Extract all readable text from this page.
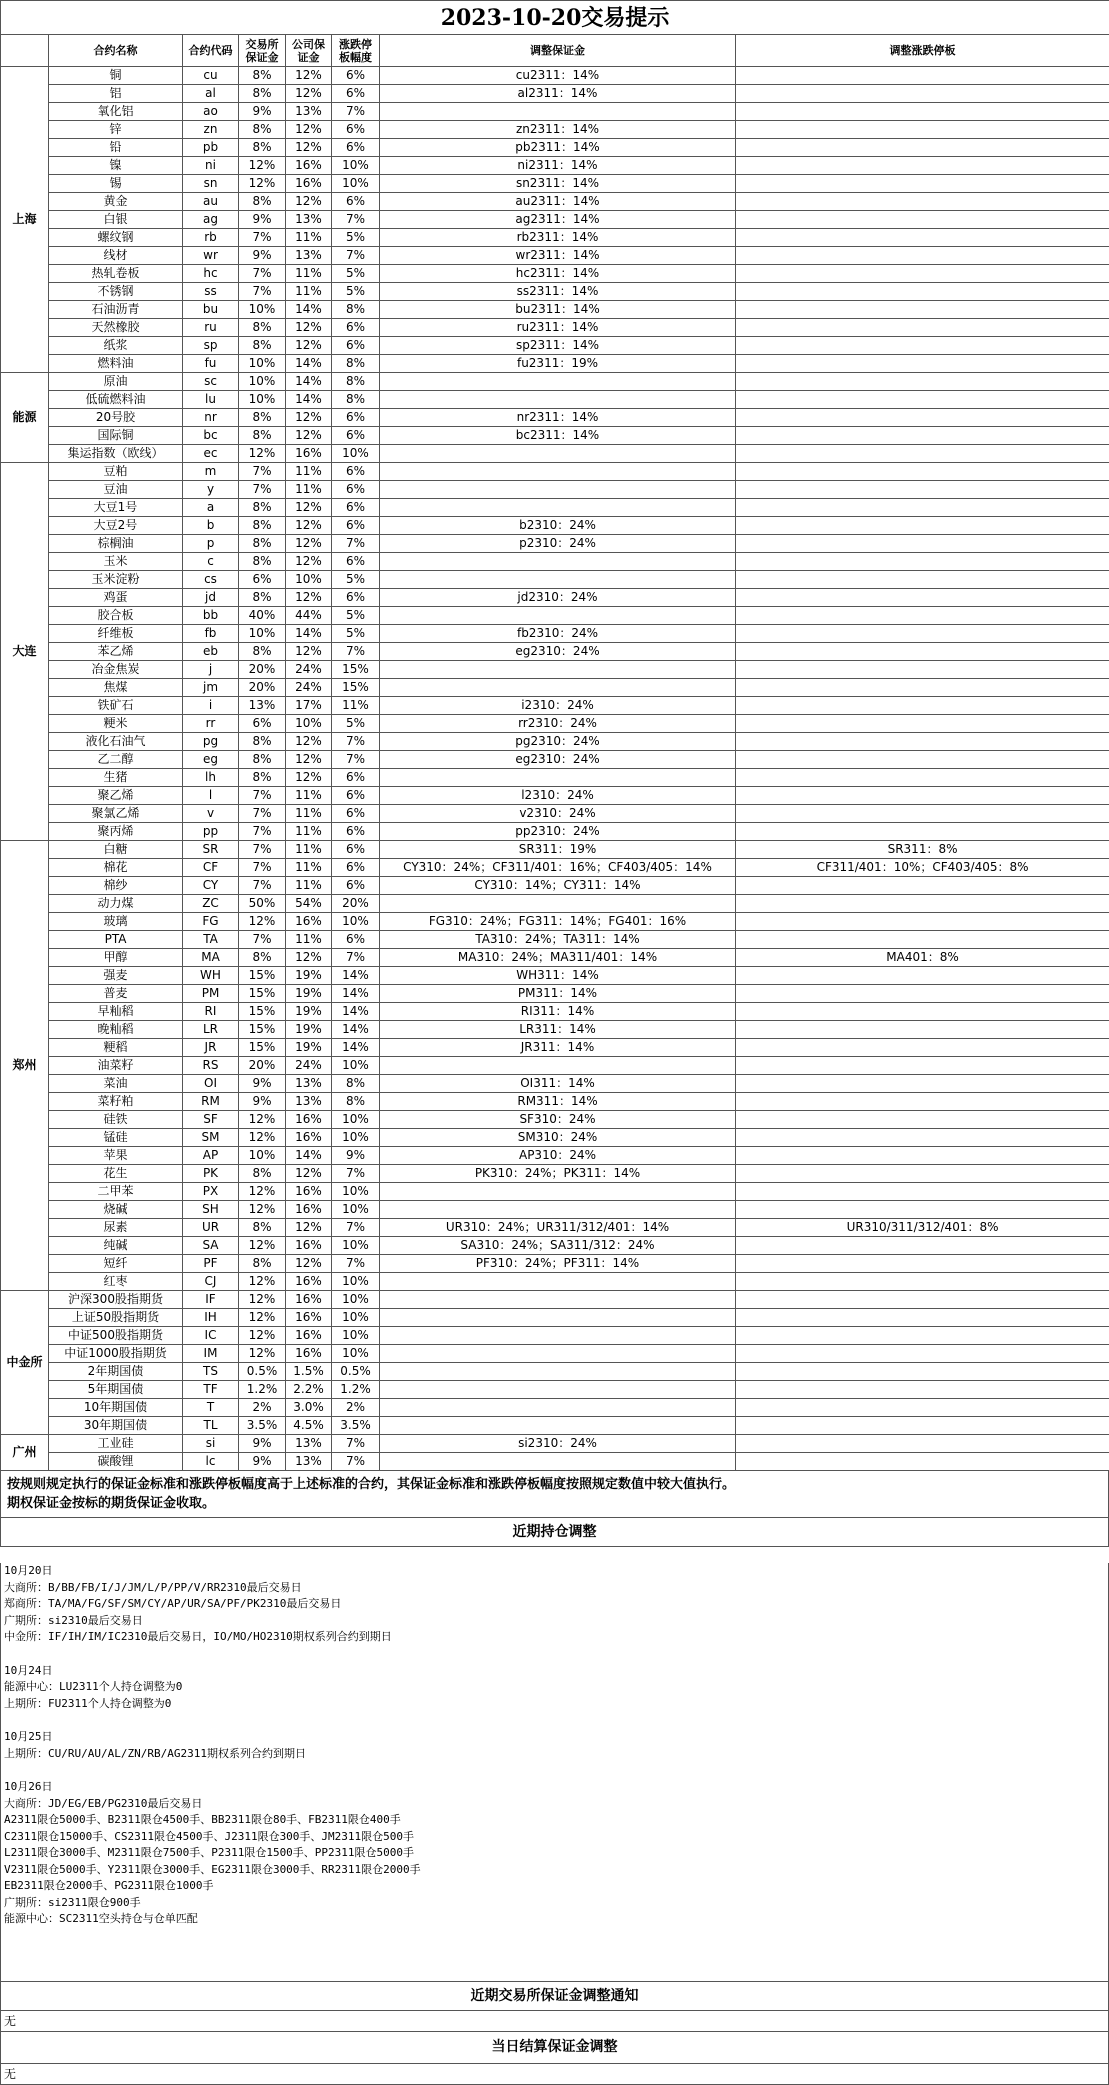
2023-10-20交易提示							
	合约名称	合约代码	交易所保证金	公司保证金	涨跌停板幅度	调整保证金	调整涨跌停板
上海	铜	cu	8%	12%	6%	cu2311：14%	
	铝	al	8%	12%	6%	al2311：14%	
	氧化铝	ao	9%	13%	7%		
	锌	zn	8%	12%	6%	zn2311：14%	
	铅	pb	8%	12%	6%	pb2311：14%	
	镍	ni	12%	16%	10%	ni2311：14%	
	锡	sn	12%	16%	10%	sn2311：14%	
	黄金	au	8%	12%	6%	au2311：14%	
	白银	ag	9%	13%	7%	ag2311：14%	
	螺纹钢	rb	7%	11%	5%	rb2311：14%	
	线材	wr	9%	13%	7%	wr2311：14%	
	热轧卷板	hc	7%	11%	5%	hc2311：14%	
	不锈钢	ss	7%	11%	5%	ss2311：14%	
	石油沥青	bu	10%	14%	8%	bu2311：14%	
	天然橡胶	ru	8%	12%	6%	ru2311：14%	
	纸浆	sp	8%	12%	6%	sp2311：14%	
	燃料油	fu	10%	14%	8%	fu2311：19%	
能源	原油	sc	10%	14%	8%		
	低硫燃料油	lu	10%	14%	8%		
	20号胶	nr	8%	12%	6%	nr2311：14%	
	国际铜	bc	8%	12%	6%	bc2311：14%	
	集运指数（欧线）	ec	12%	16%	10%		
大连	豆粕	m	7%	11%	6%		
	豆油	y	7%	11%	6%		
	大豆1号	a	8%	12%	6%		
	大豆2号	b	8%	12%	6%	b2310：24%	
	棕榈油	p	8%	12%	7%	p2310：24%	
	玉米	c	8%	12%	6%		
	玉米淀粉	cs	6%	10%	5%		
	鸡蛋	jd	8%	12%	6%	jd2310：24%	
	胶合板	bb	40%	44%	5%		
	纤维板	fb	10%	14%	5%	fb2310：24%	
	苯乙烯	eb	8%	12%	7%	eg2310：24%	
	冶金焦炭	j	20%	24%	15%		
	焦煤	jm	20%	24%	15%		
	铁矿石	i	13%	17%	11%	i2310：24%	
	粳米	rr	6%	10%	5%	rr2310：24%	
	液化石油气	pg	8%	12%	7%	pg2310：24%	
	乙二醇	eg	8%	12%	7%	eg2310：24%	
	生猪	lh	8%	12%	6%		
	聚乙烯	l	7%	11%	6%	l2310：24%	
	聚氯乙烯	v	7%	11%	6%	v2310：24%	
	聚丙烯	pp	7%	11%	6%	pp2310：24%	
郑州	白糖	SR	7%	11%	6%	SR311：19%	SR311：8%
	棉花	CF	7%	11%	6%	CY310：24%；CF311/401：16%；CF403/405：14%	CF311/401：10%；CF403/405：8%
	棉纱	CY	7%	11%	6%	CY310：14%；CY311：14%	
	动力煤	ZC	50%	54%	20%		
	玻璃	FG	12%	16%	10%	FG310：24%；FG311：14%；FG401：16%	
	PTA	TA	7%	11%	6%	TA310：24%；TA311：14%	
	甲醇	MA	8%	12%	7%	MA310：24%；MA311/401：14%	MA401：8%
	强麦	WH	15%	19%	14%	WH311：14%	
	普麦	PM	15%	19%	14%	PM311：14%	
	早籼稻	RI	15%	19%	14%	RI311：14%	
	晚籼稻	LR	15%	19%	14%	LR311：14%	
	粳稻	JR	15%	19%	14%	JR311：14%	
	油菜籽	RS	20%	24%	10%		
	菜油	OI	9%	13%	8%	OI311：14%	
	菜籽粕	RM	9%	13%	8%	RM311：14%	
	硅铁	SF	12%	16%	10%	SF310：24%	
	锰硅	SM	12%	16%	10%	SM310：24%	
	苹果	AP	10%	14%	9%	AP310：24%	
	花生	PK	8%	12%	7%	PK310：24%；PK311：14%	
	二甲苯	PX	12%	16%	10%		
	烧碱	SH	12%	16%	10%		
	尿素	UR	8%	12%	7%	UR310：24%；UR311/312/401：14%	UR310/311/312/401：8%
	纯碱	SA	12%	16%	10%	SA310：24%；SA311/312：24%	
	短纤	PF	8%	12%	7%	PF310：24%；PF311：14%	
	红枣	CJ	12%	16%	10%		
中金所	沪深300股指期货	IF	12%	16%	10%		
	上证50股指期货	IH	12%	16%	10%		
	中证500股指期货	IC	12%	16%	10%		
	中证1000股指期货	IM	12%	16%	10%		
	2年期国债	TS	0.5%	1.5%	0.5%		
	5年期国债	TF	1.2%	2.2%	1.2%		
	10年期国债	T	2%	3.0%	2%		
	30年期国债	TL	3.5%	4.5%	3.5%		
广州	工业硅	si	9%	13%	7%	si2310：24%	
	碳酸锂	lc	9%	13%	7%		
按规则规定执行的保证金标准和涨跌停板幅度高于上述标准的合约，其保证金标准和涨跌停板幅度按照规定数值中较大值执行。
期权保证金按标的期货保证金收取。
近期持仓调整
10月20日
大商所：B/BB/FB/I/J/JM/L/P/PP/V/RR2310最后交易日
郑商所：TA/MA/FG/SF/SM/CY/AP/UR/SA/PF/PK2310最后交易日
广期所：si2310最后交易日
中金所：IF/IH/IM/IC2310最后交易日，IO/MO/HO2310期权系列合约到期日
10月24日
能源中心：LU2311个人持仓调整为0
上期所：FU2311个人持仓调整为0
10月25日
上期所：CU/RU/AU/AL/ZN/RB/AG2311期权系列合约到期日
10月26日
大商所：JD/EG/EB/PG2310最后交易日
A2311限仓5000手、B2311限仓4500手、BB2311限仓80手、FB2311限仓400手
C2311限仓15000手、CS2311限仓4500手、J2311限仓300手、JM2311限仓500手
L2311限仓3000手、M2311限仓7500手、P2311限仓1500手、PP2311限仓5000手
V2311限仓5000手、Y2311限仓3000手、EG2311限仓3000手、RR2311限仓2000手
EB2311限仓2000手、PG2311限仓1000手
广期所：si2311限仓900手
能源中心：SC2311空头持仓与仓单匹配
近期交易所保证金调整通知
无
当日结算保证金调整
无
